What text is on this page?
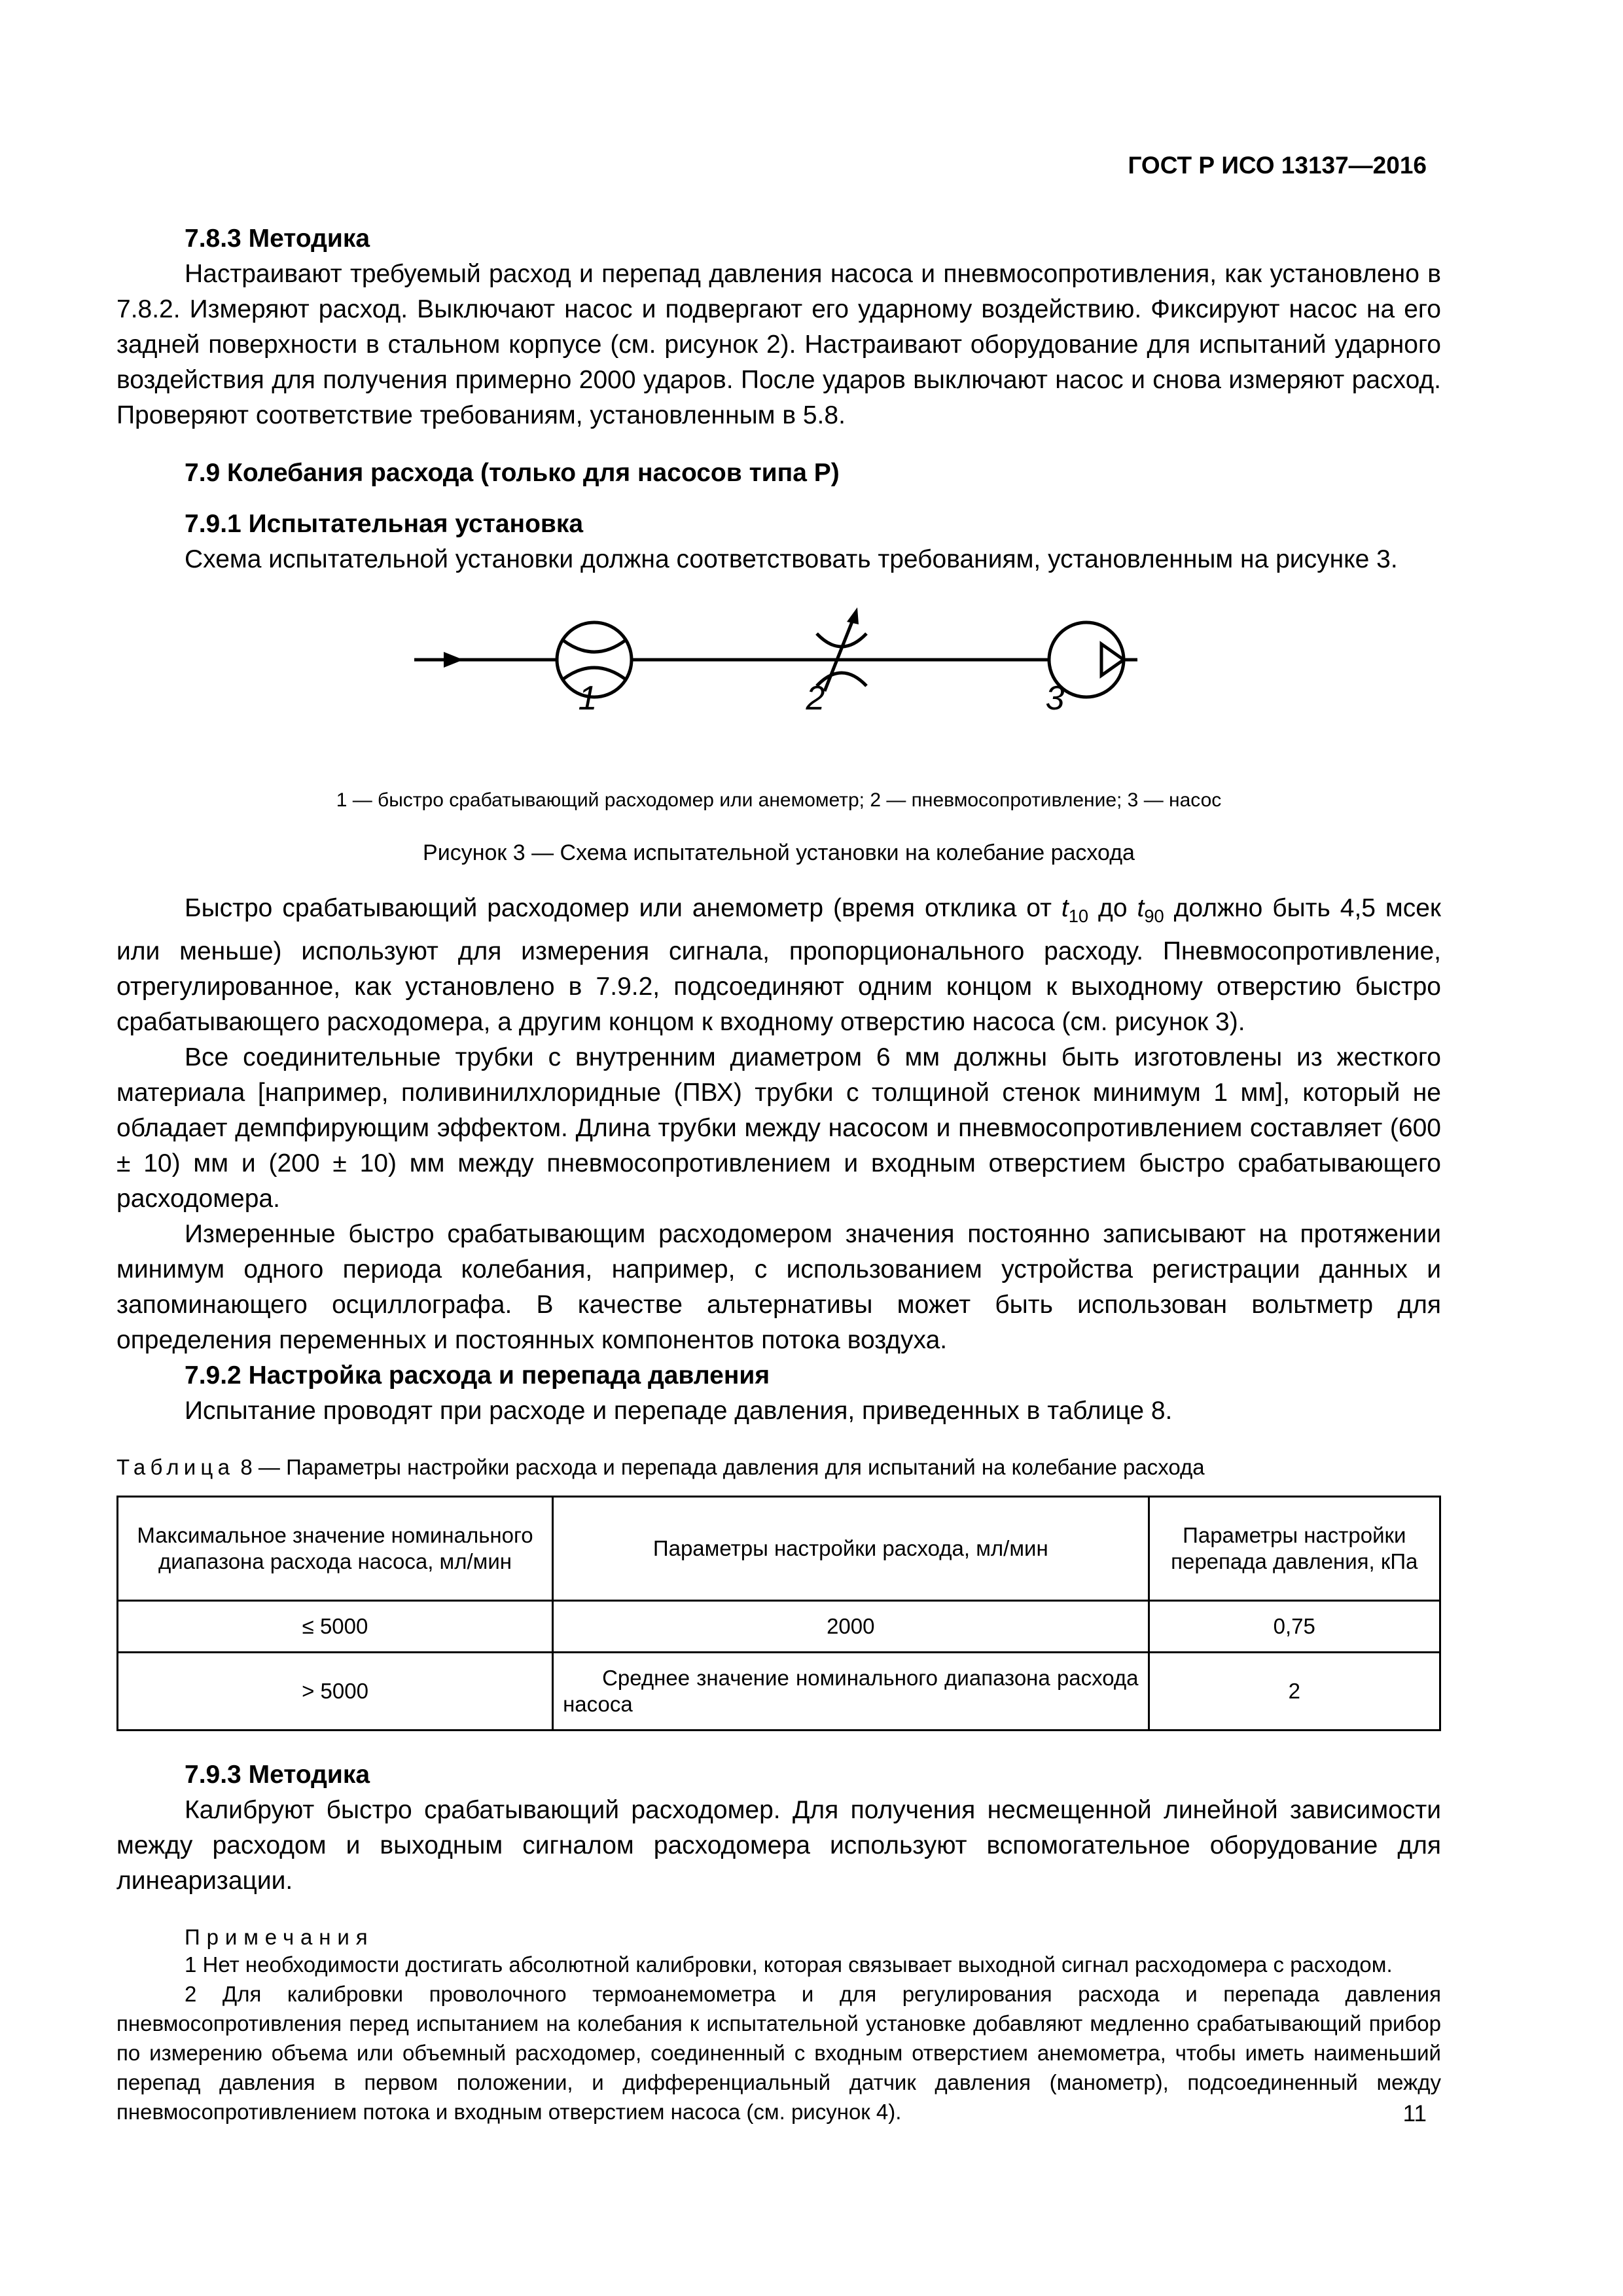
ГОСТ Р ИСО 13137—2016

7.8.3 Методика

Настраивают требуемый расход и перепад давления насоса и пневмосопротивления, как установлено в 7.8.2. Измеряют расход. Выключают насос и подвергают его ударному воздействию. Фиксируют насос на его задней поверхности в стальном корпусе (см. рисунок 2). Настраивают оборудование для испытаний ударного воздействия для получения примерно 2000 ударов. После ударов выключают насос и снова измеряют расход. Проверяют соответствие требованиям, установленным в 5.8.

7.9 Колебания расхода (только для насосов типа P)

7.9.1 Испытательная установка

Схема испытательной установки должна соответствовать требованиям, установленным на рисунке 3.

1	2	3

1 — быстро срабатывающий расходомер или анемометр; 2 — пневмосопротивление; 3 — насос

Рисунок 3 — Схема испытательной установки на колебание расхода

Быстро срабатывающий расходомер или анемометр (время отклика от $t_{10}$ до $t_{90}$ должно быть 4,5 мсек или меньше) используют для измерения сигнала, пропорционального расходу. Пневмосопротивление, отрегулированное, как установлено в 7.9.2, подсоединяют одним концом к выходному отверстию быстро срабатывающего расходомера, а другим концом к входному отверстию насоса (см. рисунок 3).

Все соединительные трубки с внутренним диаметром 6 мм должны быть изготовлены из жесткого материала [например, поливинилхлоридные (ПВХ) трубки с толщиной стенок минимум 1 мм], который не обладает демпфирующим эффектом. Длина трубки между насосом и пневмосопротивлением составляет (600 ± 10) мм и (200 ± 10) мм между пневмосопротивлением и входным отверстием быстро срабатывающего расходомера.

Измеренные быстро срабатывающим расходомером значения постоянно записывают на протяжении минимум одного периода колебания, например, с использованием устройства регистрации данных и запоминающего осциллографа. В качестве альтернативы может быть использован вольтметр для определения переменных и постоянных компонентов потока воздуха.

7.9.2 Настройка расхода и перепада давления

Испытание проводят при расходе и перепаде давления, приведенных в таблице 8.

Таблица 8 — Параметры настройки расхода и перепада давления для испытаний на колебание расхода
Максимальное значение номинального диапазона расхода насоса, мл/мин	Параметры настройки расхода, мл/мин	Параметры настройки перепада давления, кПа
≤ 5000	2000	0,75
> 5000	Среднее значение номинального диапазона расхода насоса	2

7.9.3 Методика

Калибруют быстро срабатывающий расходомер. Для получения несмещенной линейной зависимости между расходом и выходным сигналом расходомера используют вспомогательное оборудование для линеаризации.

Примечания

1 Нет необходимости достигать абсолютной калибровки, которая связывает выходной сигнал расходомера с расходом.

2 Для калибровки проволочного термоанемометра и для регулирования расхода и перепада давления пневмосопротивления перед испытанием на колебания к испытательной установке добавляют медленно срабатывающий прибор по измерению объема или объемный расходомер, соединенный с входным отверстием анемометра, чтобы иметь наименьший перепад давления в первом положении, и дифференциальный датчик давления (манометр), подсоединенный между пневмосопротивлением потока и входным отверстием насоса (см. рисунок 4).	11
